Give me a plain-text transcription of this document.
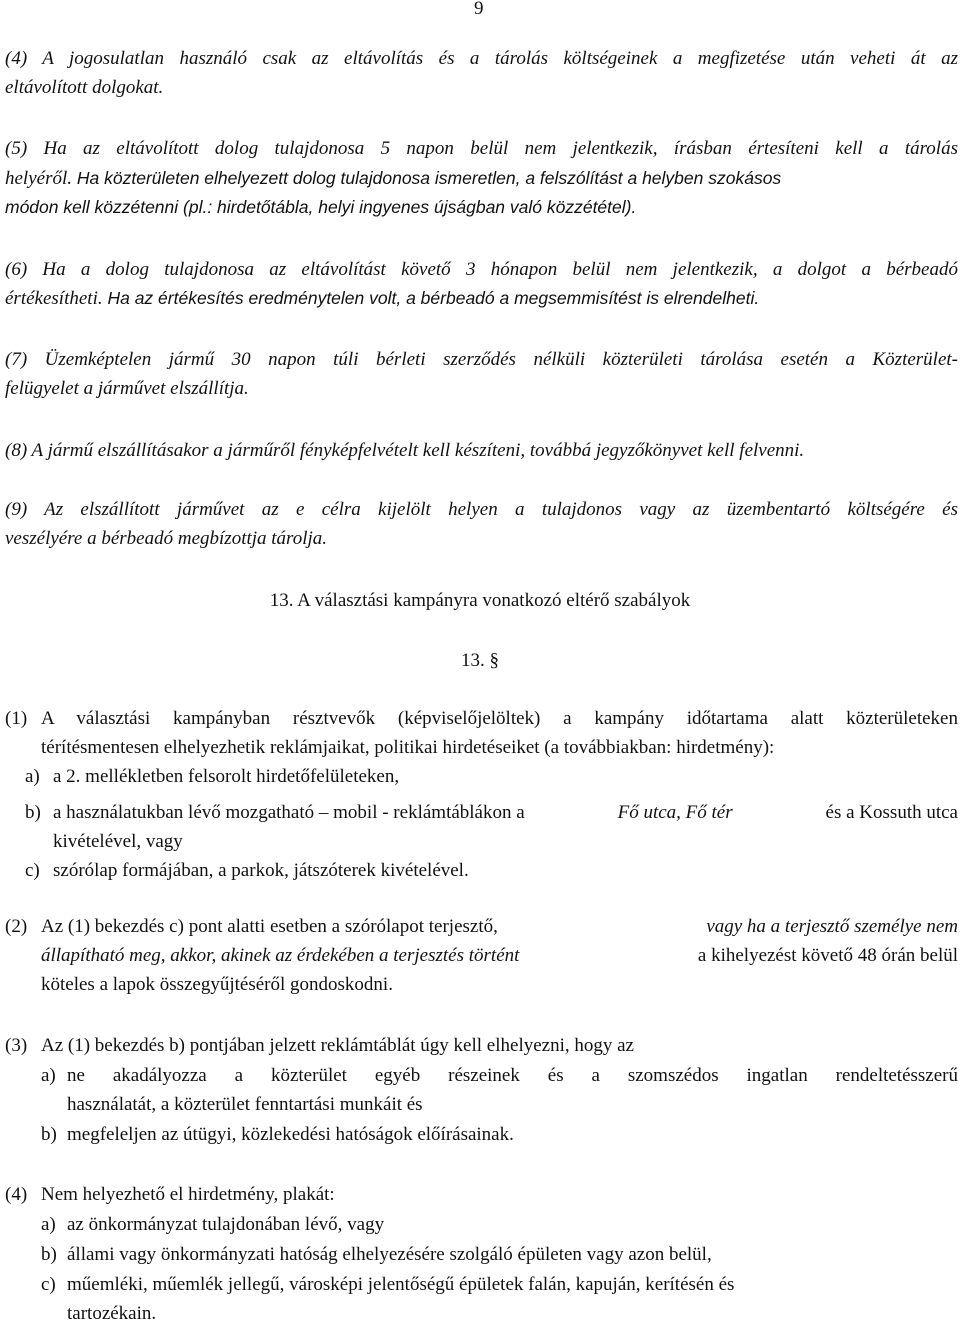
9
(4) A jogosulatlan használó csak az eltávolítás és a tárolás költségeinek a megfizetése után veheti át az
eltávolított dolgokat.
(5) Ha az eltávolított dolog tulajdonosa 5 napon belül nem jelentkezik, írásban értesíteni kell a tárolás
helyéről. Ha közterületen elhelyezett dolog tulajdonosa ismeretlen, a felszólítást a helyben szokásos
módon kell közzétenni (pl.: hirdetőtábla, helyi ingyenes újságban való közzététel).
(6) Ha a dolog tulajdonosa az eltávolítást követő 3 hónapon belül nem jelentkezik, a dolgot a bérbeadó
értékesítheti. Ha az értékesítés eredménytelen volt, a bérbeadó a megsemmisítést is elrendelheti.
(7) Üzemképtelen jármű 30 napon túli bérleti szerződés nélküli közterületi tárolása esetén a Közterület-
felügyelet a járművet elszállítja.
(8) A jármű elszállításakor a járműről fényképfelvételt kell készíteni, továbbá jegyzőkönyvet kell felvenni.
(9) Az elszállított járművet az e célra kijelölt helyen a tulajdonos vagy az üzembentartó költségére és
veszélyére a bérbeadó megbízottja tárolja.
13. A választási kampányra vonatkozó eltérő szabályok
13. §
(1) A választási kampányban résztvevők (képviselőjelöltek) a kampány időtartama alatt közterületeken
térítésmentesen elhelyezhetik reklámjaikat, politikai hirdetéseiket (a továbbiakban: hirdetmény):
a) a 2. mellékletben felsorolt hirdetőfelületeken,
b) a használatukban lévő mozgatható – mobil - reklámtáblákon a	Fő utca, Fő tér	és a Kossuth utca
kivételével, vagy
c) szórólap formájában, a parkok, játszóterek kivételével.
(2) Az (1) bekezdés c) pont alatti esetben a szórólapot terjesztő,	vagy ha a terjesztő személye nem
állapítható meg, akkor, akinek az érdekében a terjesztés történt	a kihelyezést követő 48 órán belül
köteles a lapok összegyűjtéséről gondoskodni.
(3) Az (1) bekezdés b) pontjában jelzett reklámtáblát úgy kell elhelyezni, hogy az
a) ne akadályozza a közterület egyéb részeinek és a szomszédos ingatlan rendeltetésszerű
használatát, a közterület fenntartási munkáit és
b) megfeleljen az útügyi, közlekedési hatóságok előírásainak.
(4) Nem helyezhető el hirdetmény, plakát:
a) az önkormányzat tulajdonában lévő, vagy
b) állami vagy önkormányzati hatóság elhelyezésére szolgáló épületen vagy azon belül,
c) műemléki, műemlék jellegű, városképi jelentőségű épületek falán, kapuján, kerítésén és
tartozékain.
